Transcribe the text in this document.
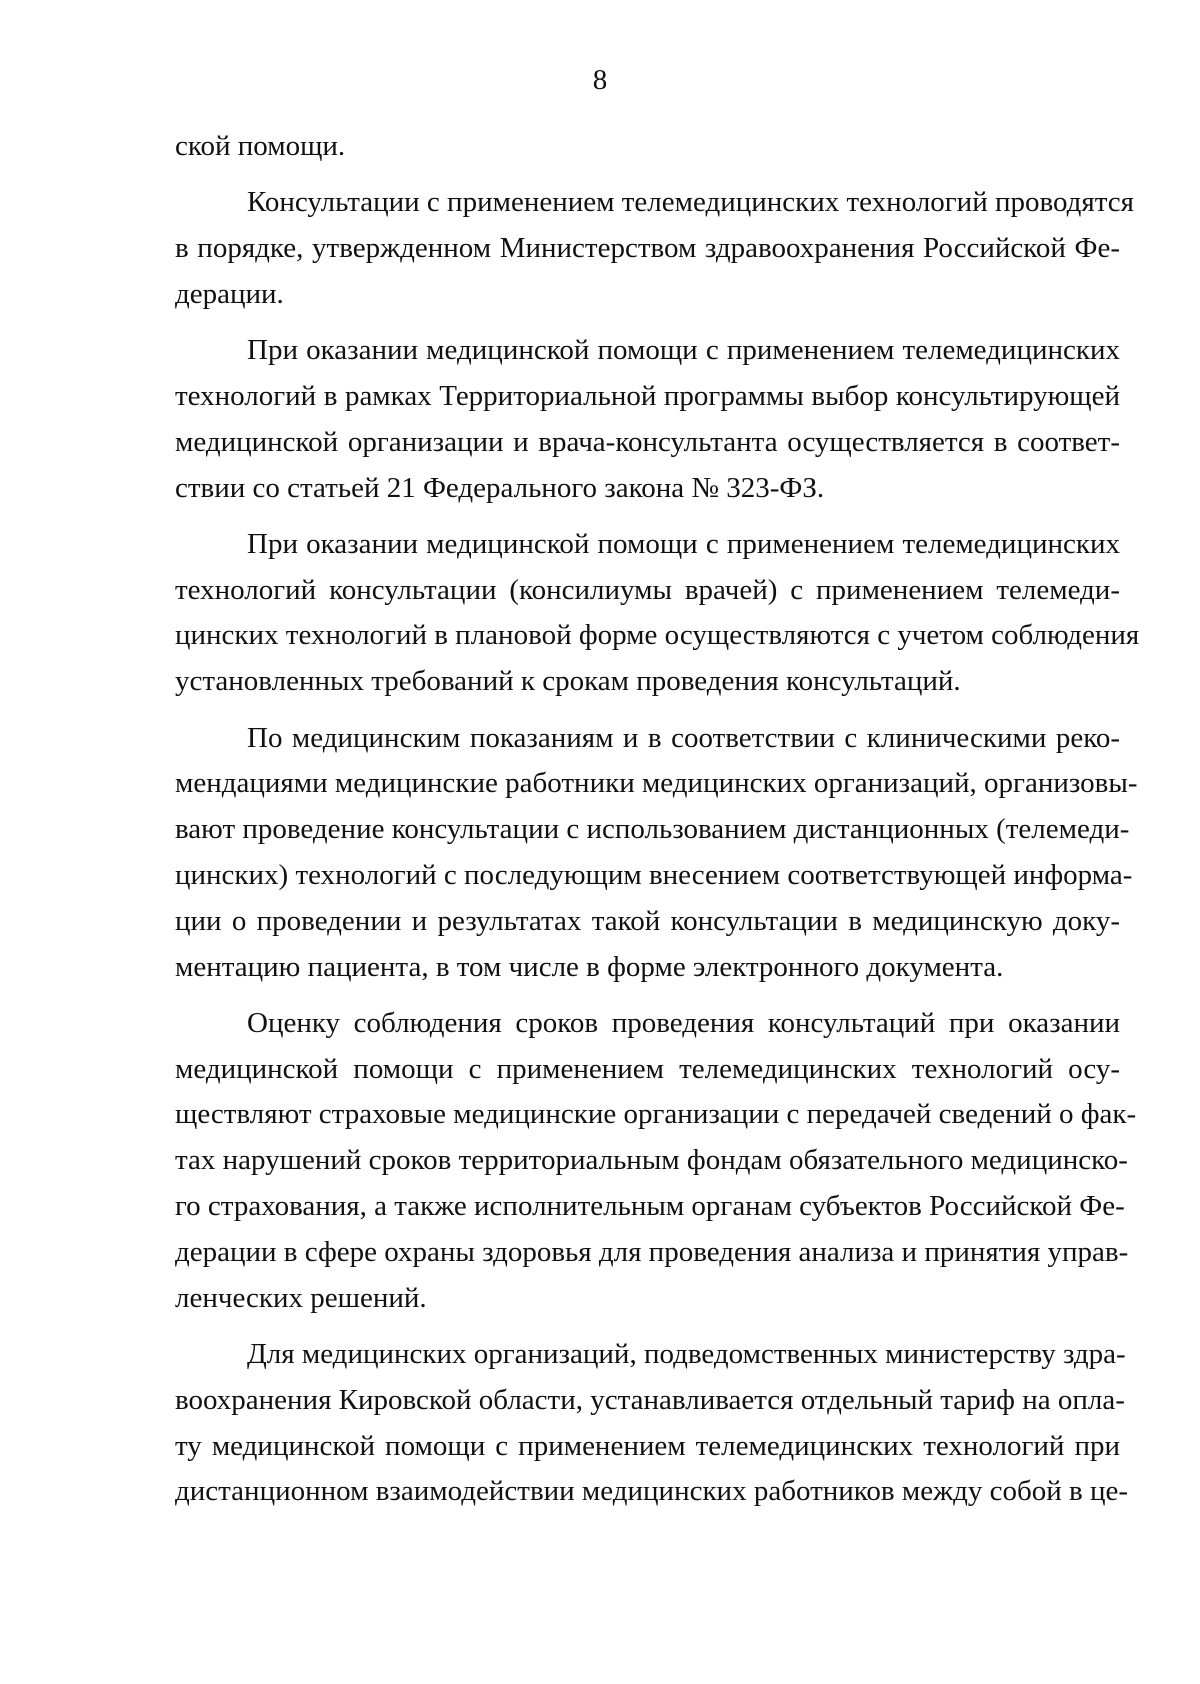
8
ской помощи.
Консультации с применением телемедицинских технологий проводятся
в порядке, утвержденном Министерством здравоохранения Российской Фе-
дерации.
При оказании медицинской помощи с применением телемедицинских
технологий в рамках Территориальной программы выбор консультирующей
медицинской организации и врача-консультанта осуществляется в соответ-
ствии со статьей 21 Федерального закона № 323-ФЗ.
При оказании медицинской помощи с применением телемедицинских
технологий консультации (консилиумы врачей) с применением телемеди-
цинских технологий в плановой форме осуществляются с учетом соблюдения
установленных требований к срокам проведения консультаций.
По медицинским показаниям и в соответствии с клиническими реко-
мендациями медицинские работники медицинских организаций, организовы-
вают проведение консультации с использованием дистанционных (телемеди-
цинских) технологий с последующим внесением соответствующей информа-
ции о проведении и результатах такой консультации в медицинскую доку-
ментацию пациента, в том числе в форме электронного документа.
Оценку соблюдения сроков проведения консультаций при оказании
медицинской помощи с применением телемедицинских технологий осу-
ществляют страховые медицинские организации с передачей сведений о фак-
тах нарушений сроков территориальным фондам обязательного медицинско-
го страхования, а также исполнительным органам субъектов Российской Фе-
дерации в сфере охраны здоровья для проведения анализа и принятия управ-
ленческих решений.
Для медицинских организаций, подведомственных министерству здра-
воохранения Кировской области, устанавливается отдельный тариф на опла-
ту медицинской помощи с применением телемедицинских технологий при
дистанционном взаимодействии медицинских работников между собой в це-
